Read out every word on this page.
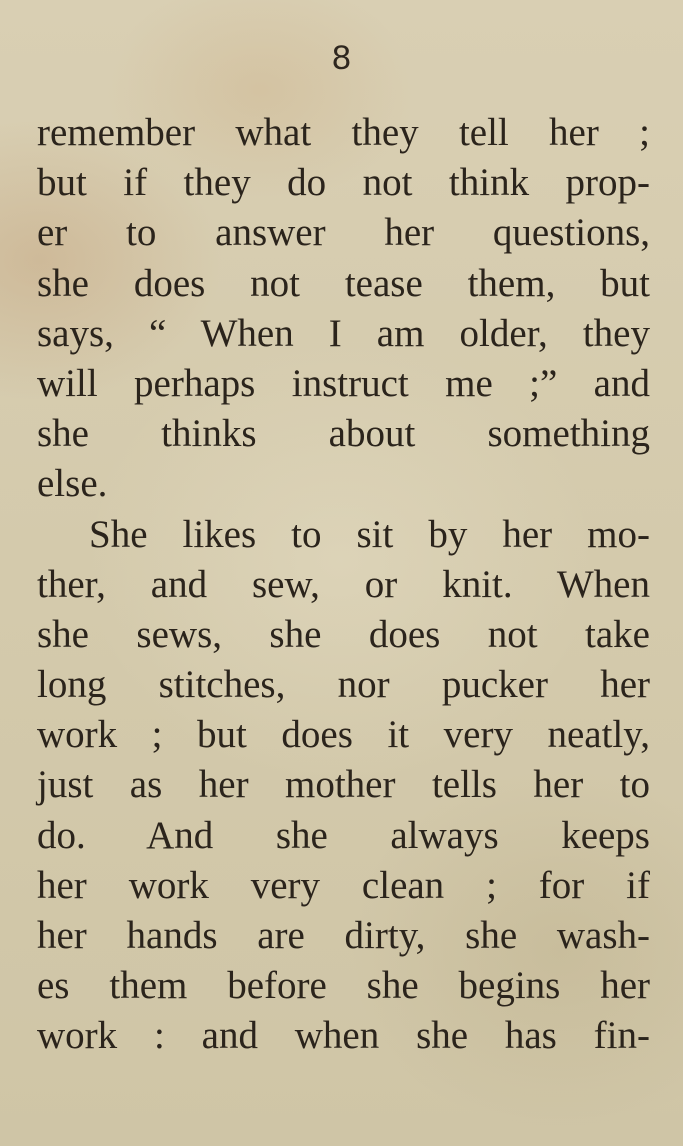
8
remember what they tell her ;
but if they do not think prop-
er to answer her questions,
she does not tease them, but
says, “ When I am older, they
will perhaps instruct me ;” and
she thinks about something
else.
She likes to sit by her mo-
ther, and sew, or knit. When
she sews, she does not take
long stitches, nor pucker her
work ; but does it very neatly,
just as her mother tells her to
do. And she always keeps
her work very clean ; for if
her hands are dirty, she wash-
es them before she begins her
work : and when she has fin-
